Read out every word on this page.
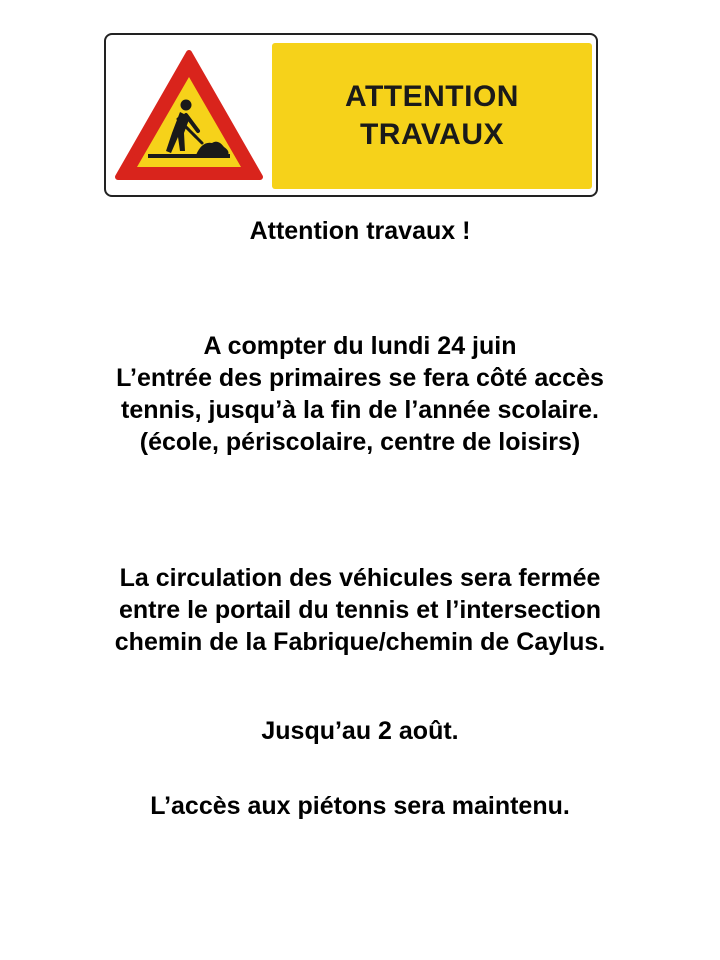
ATTENTION
TRAVAUX
Attention travaux !
A compter du lundi 24 juin
L’entrée des primaires se fera côté accès
tennis, jusqu’à la fin de l’année scolaire.
(école, périscolaire, centre de loisirs)
La circulation des véhicules sera fermée
entre le portail du tennis et l’intersection
chemin de la Fabrique/chemin de Caylus.
Jusqu’au 2 août.
L’accès aux piétons sera maintenu.
